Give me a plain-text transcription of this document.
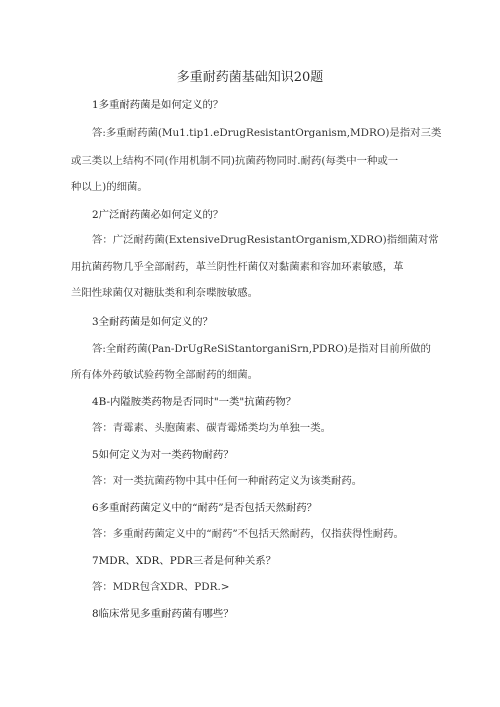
多重耐药菌基础知识20题
1多重耐药菌是如何定义的？
答:多重耐药菌(Mu1.tip1.eDrugResistantOrganism,MDRO)是指对三类
或三类以上结构不同(作用机制不同)抗菌药物同时.耐药(每类中一种或一
种以上)的细菌。
2广泛耐药菌必如何定义的？
答：广泛耐药菌(ExtensiveDrugResistantOrganism,XDRO)指细菌对常
用抗菌药物几乎全部耐药，革兰阴性杆菌仅对黏菌素和容加环素敏感，革
兰阳性球菌仅对糖肽类和利奈喋胺敏感。
3全耐药菌是如何定义的？
答:全耐药菌(Pan-DrUgReSiStantorganiSrn,PDRO)是指对目前所做的
所有体外药敏试验药物全部耐药的细菌。
4B-内隘胺类药物是否同时"一类"抗菌药物？
答：青霉素、头胞菌素、碳青霉烯类均为单独一类。
5如何定义为对一类药物耐药？
答：对一类抗菌药物中其中任何一种耐药定义为该类耐药。
6多重耐药菌定义中的“耐药”是否包括天然耐药？
答：多重耐药菌定义中的“耐药”不包括天然耐药，仅指获得性耐药。
7MDR、XDR、PDR三者是何种关系？
答：MDR包含XDR、PDR.>
8临床常见多重耐药菌有哪些？
